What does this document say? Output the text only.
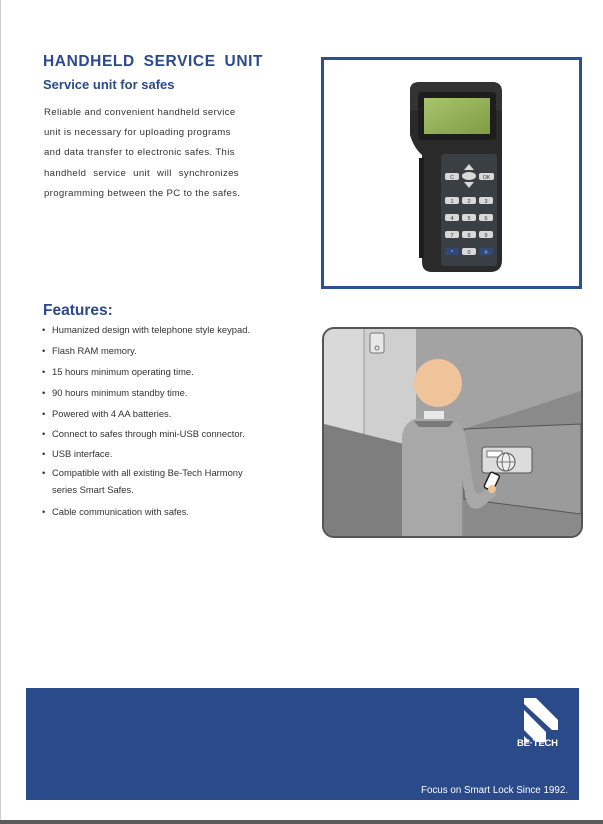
HANDHELD SERVICE UNIT
Service unit for safes
Reliable and convenient handheld service
unit is necessary for uploading programs
and data transfer to electronic safes. This
handheld service unit will synchronizes
programming between the PC to the safes.
C	OK
1	2	3
4	5	6
7	8	9
*	0	#
Features:
• Humanized design with telephone style keypad.
• Flash RAM memory.
• 15 hours minimum operating time.
• 90 hours minimum standby time.
• Powered with 4 AA batteries.
• Connect to safes through mini-USB connector.
• USB interface.
• Compatible with all existing Be-Tech Harmony
series Smart Safes.
• Cable communication with safes.
BE·TECH
Focus on Smart Lock Since 1992.
